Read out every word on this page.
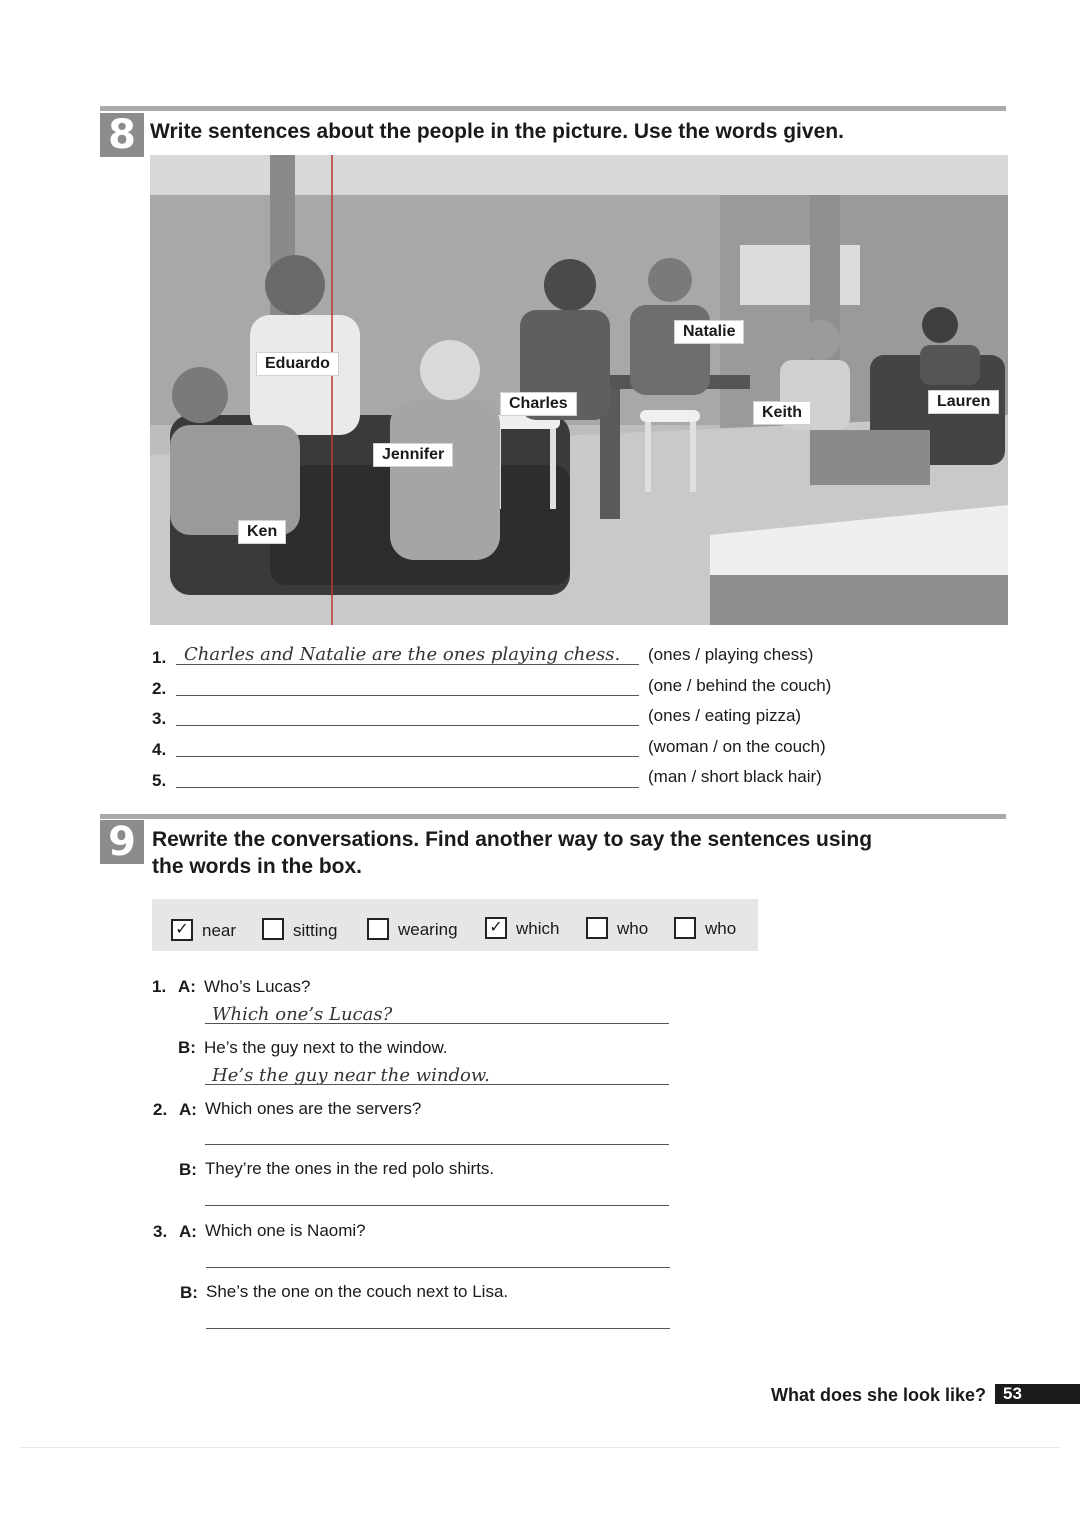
8 Write sentences about the people in the picture. Use the words given.
Eduardo
Natalie
Charles
Keith
Lauren
Jennifer
Ken
1. Charles and Natalie are the ones playing chess. (ones / playing chess)
2.	(one / behind the couch)
3.	(ones / eating pizza)
4.	(woman / on the couch)
5.	(man / short black hair)
9 Rewrite the conversations. Find another way to say the sentences using
the words in the box.
✓ near	sitting	wearing ✓ which	who	who
1. A: Who’s Lucas?
Which one’s Lucas?
B: He’s the guy next to the window.
He’s the guy near the window.
2. A: Which ones are the servers?
B: They’re the ones in the red polo shirts.
3. A: Which one is Naomi?
B: She’s the one on the couch next to Lisa.
What does she look like? 53
